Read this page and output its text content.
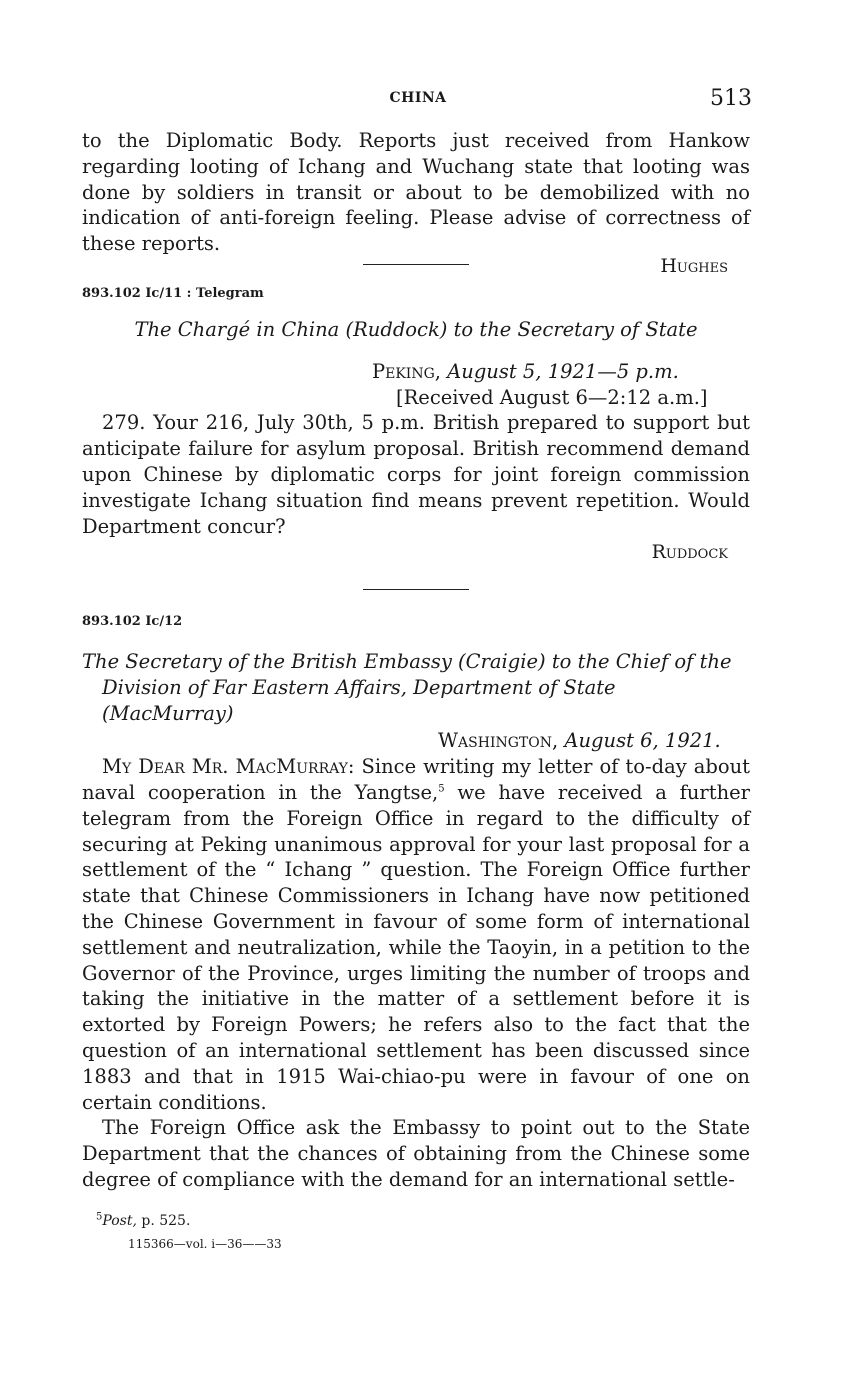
CHINA	513

to the Diplomatic Body. Reports just received from Hankow regarding looting of Ichang and Wuchang state that looting was done by soldiers in transit or about to be demobilized with no indication of anti-foreign feeling. Please advise of correctness of these reports.

Hughes

893.102 Ic/11 : Telegram

The Chargé in China (Ruddock) to the Secretary of State

Peking, August 5, 1921—5 p.m.

[Received August 6—2:12 a.m.]

279. Your 216, July 30th, 5 p.m. British prepared to support but anticipate failure for asylum proposal. British recommend demand upon Chinese by diplomatic corps for joint foreign commission investigate Ichang situation find means prevent repetition. Would Department concur?

Ruddock

893.102 Ic/12

The Secretary of the British Embassy (Craigie) to the Chief of the Division of Far Eastern Affairs, Department of State (MacMurray)

Washington, August 6, 1921.

My Dear Mr. MacMurray: Since writing my letter of to-day about naval cooperation in the Yangtse,$^5$ we have received a further telegram from the Foreign Office in regard to the difficulty of securing at Peking unanimous approval for your last proposal for a settlement of the “ Ichang ” question. The Foreign Office further state that Chinese Commissioners in Ichang have now petitioned the Chinese Government in favour of some form of international settlement and neutralization, while the Taoyin, in a petition to the Governor of the Province, urges limiting the number of troops and taking the initiative in the matter of a settlement before it is extorted by Foreign Powers; he refers also to the fact that the question of an international settlement has been discussed since 1883 and that in 1915 Wai-chiao-pu were in favour of one on certain conditions.

The Foreign Office ask the Embassy to point out to the State Department that the chances of obtaining from the Chinese some degree of compliance with the demand for an international settle-

$^5$Post, p. 525.

115366—vol. i—36——33
